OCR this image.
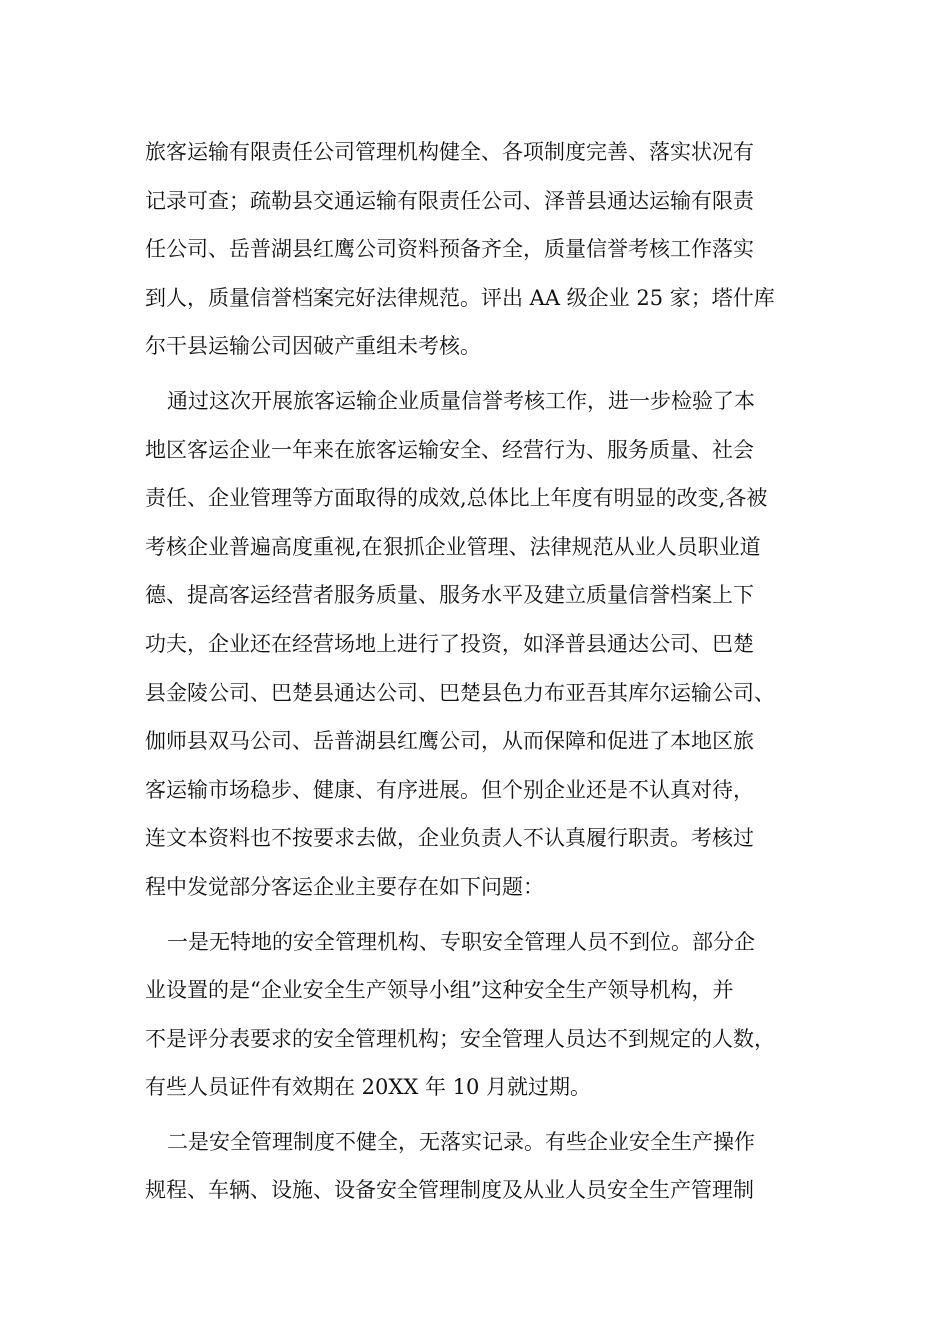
旅客运输有限责任公司管理机构健全、各项制度完善、落实状况有
记录可查；疏勒县交通运输有限责任公司、泽普县通达运输有限责
任公司、岳普湖县红鹰公司资料预备齐全，质量信誉考核工作落实
到人，质量信誉档案完好法律规范。评出 AA 级企业 25 家；塔什库
尔干县运输公司因破产重组未考核。
通过这次开展旅客运输企业质量信誉考核工作，进一步检验了本
地区客运企业一年来在旅客运输安全、经营行为、服务质量、社会
责任、企业管理等方面取得的成效,总体比上年度有明显的改变,各被
考核企业普遍高度重视,在狠抓企业管理、法律规范从业人员职业道
德、提高客运经营者服务质量、服务水平及建立质量信誉档案上下
功夫，企业还在经营场地上进行了投资，如泽普县通达公司、巴楚
县金陵公司、巴楚县通达公司、巴楚县色力布亚吾其库尔运输公司、
伽师县双马公司、岳普湖县红鹰公司，从而保障和促进了本地区旅
客运输市场稳步、健康、有序进展。但个别企业还是不认真对待，
连文本资料也不按要求去做，企业负责人不认真履行职责。考核过
程中发觉部分客运企业主要存在如下问题：
一是无特地的安全管理机构、专职安全管理人员不到位。部分企
业设置的是“企业安全生产领导小组”这种安全生产领导机构，并
不是评分表要求的安全管理机构；安全管理人员达不到规定的人数，
有些人员证件有效期在 20XX 年 10 月就过期。
二是安全管理制度不健全，无落实记录。有些企业安全生产操作
规程、车辆、设施、设备安全管理制度及从业人员安全生产管理制
